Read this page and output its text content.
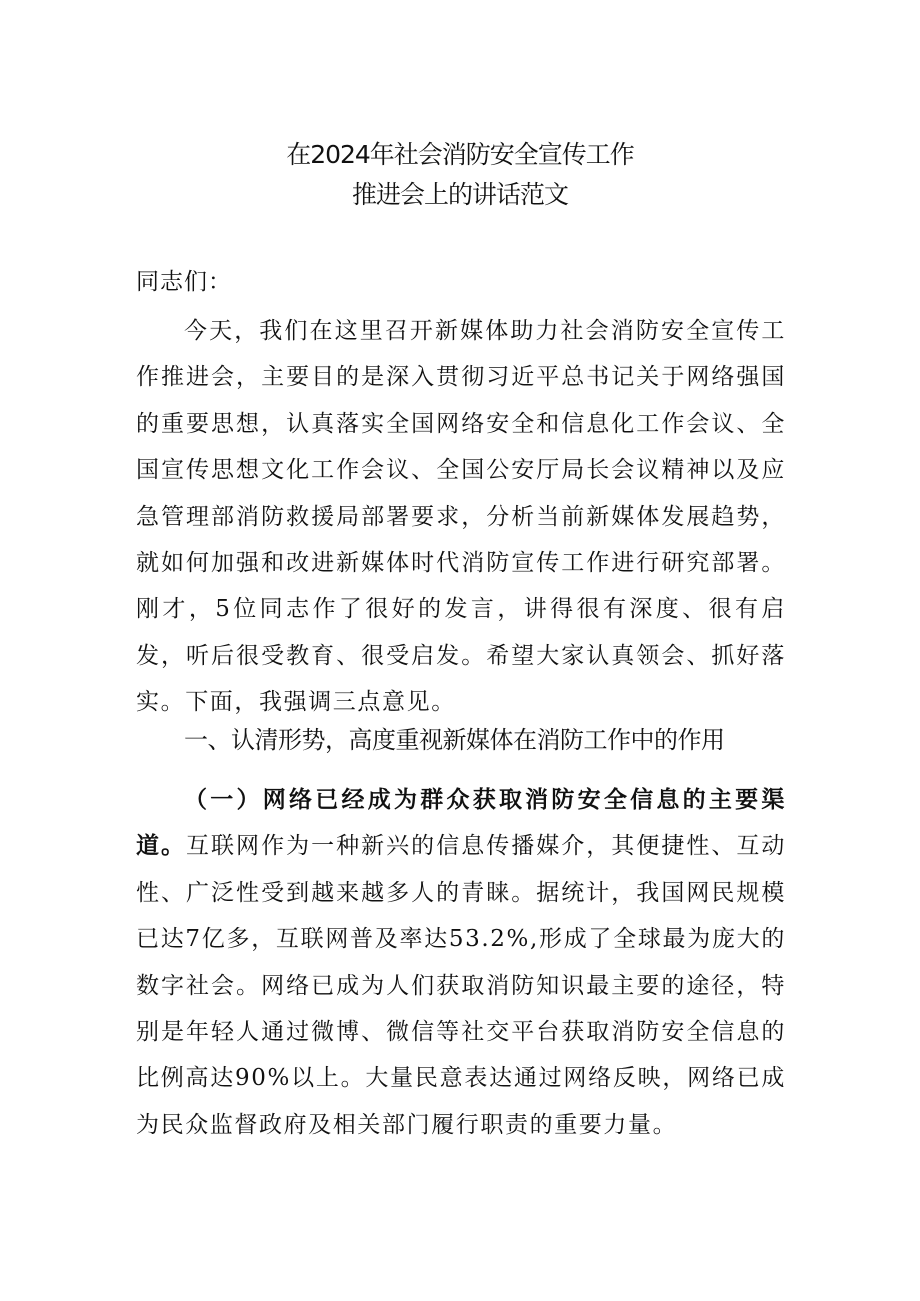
在2024年社会消防安全宣传工作
推进会上的讲话范文
同志们：

今天，我们在这里召开新媒体助力社会消防安全宣传工作推进会，主要目的是深入贯彻习近平总书记关于网络强国的重要思想，认真落实全国网络安全和信息化工作会议、全国宣传思想文化工作会议、全国公安厅局长会议精神以及应急管理部消防救援局部署要求，分析当前新媒体发展趋势，就如何加强和改进新媒体时代消防宣传工作进行研究部署。刚才，5位同志作了很好的发言，讲得很有深度、很有启发，听后很受教育、很受启发。希望大家认真领会、抓好落实。下面，我强调三点意见。

一、认清形势，高度重视新媒体在消防工作中的作用

（一）网络已经成为群众获取消防安全信息的主要渠道。互联网作为一种新兴的信息传播媒介，其便捷性、互动性、广泛性受到越来越多人的青睐。据统计，我国网民规模已达7亿多，互联网普及率达53.2%,形成了全球最为庞大的数字社会。网络已成为人们获取消防知识最主要的途径，特别是年轻人通过微博、微信等社交平台获取消防安全信息的比例高达90%以上。大量民意表达通过网络反映，网络已成为民众监督政府及相关部门履行职责的重要力量。
